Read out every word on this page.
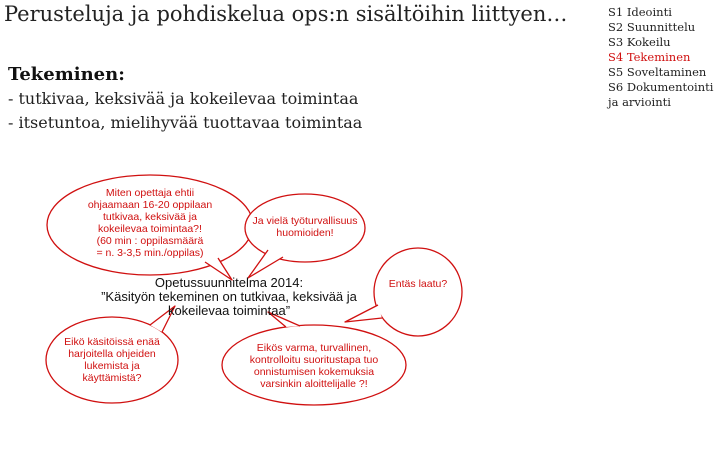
Perusteluja ja pohdiskelua ops:n sisältöihin liittyen…
Tekeminen:
- tutkivaa, keksivää ja kokeilevaa toimintaa
- itsetuntoa, mielihyvää tuottavaa toimintaa
S1 Ideointi
S2 Suunnittelu
S3 Kokeilu
S4 Tekeminen
S5 Soveltaminen
S6 Dokumentointi
ja arviointi
Miten opettaja ehtii
ohjaamaan 16-20 oppilaan
tutkivaa, keksivää ja
kokeilevaa toimintaa?!
(60 min : oppilasmäärä
= n. 3-3,5 min./oppilas)
Ja vielä työturvallisuus
huomioiden!
Entäs laatu?
Eikö käsitöissä enää
harjoitella ohjeiden
lukemista ja
käyttämistä?
Eikös varma, turvallinen,
kontrolloitu suoritustapa tuo
onnistumisen kokemuksia
varsinkin aloittelijalle ?!
Opetussuunnitelma 2014:
”Käsityön tekeminen on tutkivaa, keksivää ja
kokeilevaa toimintaa”
